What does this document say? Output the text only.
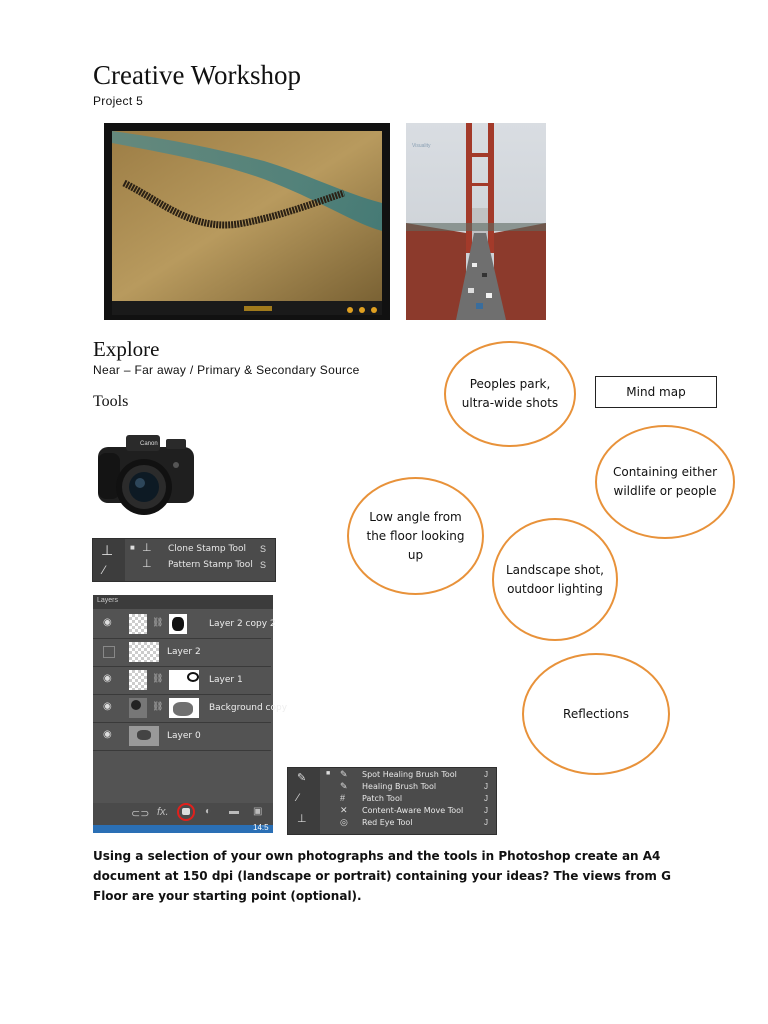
Creative Workshop
Project 5
Visuality
Explore
Near – Far away / Primary & Secondary Source
Tools
Canon
⊥
⁄
■ ⊥ Clone Stamp Tool S
⊥ Pattern Stamp Tool S
Layers
◉	⛓	Layer 2 copy 2
Layer 2
◉	⛓	Layer 1
◉	⛓	Background copy
◉	Layer 0
⊂⊃ fx.	◐ ▬ ▣
14:5
✎
⁄
⊥
■ ✎ Spot Healing Brush Tool	J
✎ Healing Brush Tool	J
# Patch Tool	J
✕ Content-Aware Move Tool	J
◎ Red Eye Tool	J
Mind map
Peoples park, ultra-wide shots
Containing either wildlife or people
Low angle from the floor looking up
Landscape shot, outdoor lighting
Reflections
Using a selection of your own photographs and the tools in Photoshop create an A4 document at 150 dpi (landscape or portrait) containing your ideas? The views from G Floor are your starting point (optional).
